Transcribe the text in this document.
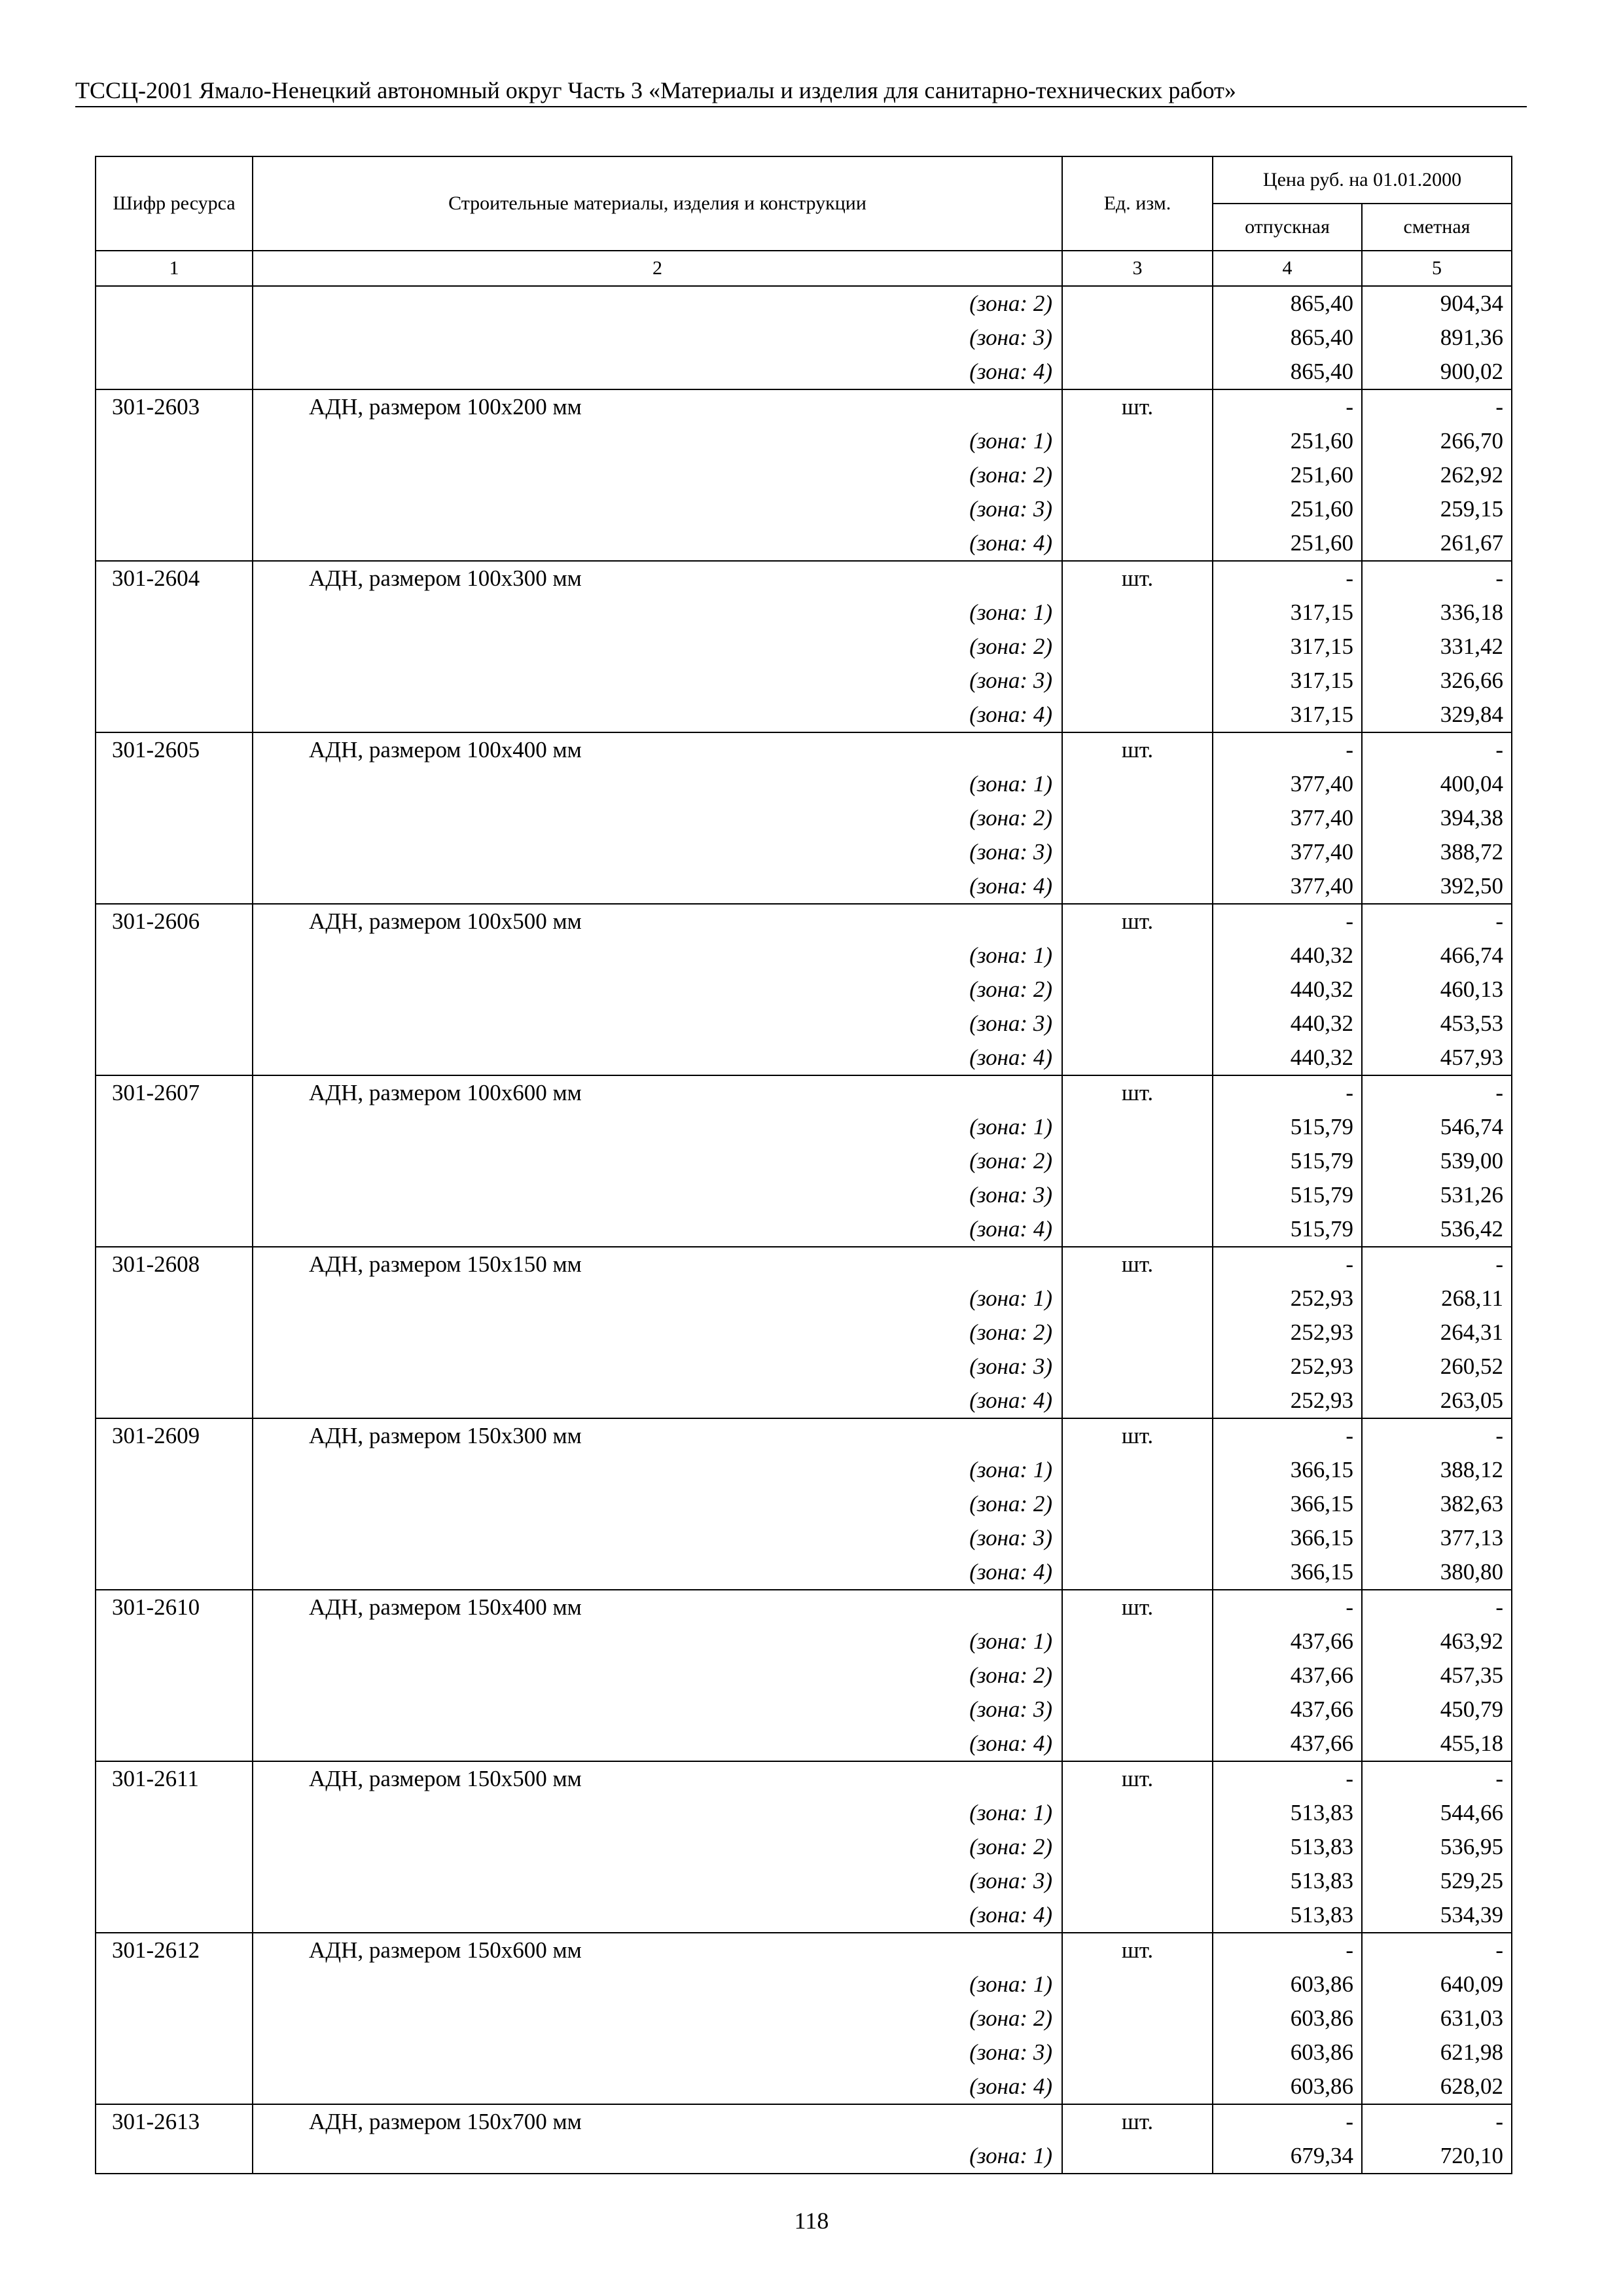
ТССЦ-2001 Ямало-Ненецкий автономный округ Часть 3 «Материалы и изделия для санитарно-технических работ»
Шифр ресурса	Строительные материалы, изделия и конструкции	Ед. изм.	Цена руб. на 01.01.2000	
			отпускная	сметная
1	2	3	4	5
	(зона: 2)		865,40	904,34
	(зона: 3)		865,40	891,36
	(зона: 4)		865,40	900,02
301-2603	АДН, размером 100х200 мм	шт.	-	-
	(зона: 1)		251,60	266,70
	(зона: 2)		251,60	262,92
	(зона: 3)		251,60	259,15
	(зона: 4)		251,60	261,67
301-2604	АДН, размером 100х300 мм	шт.	-	-
	(зона: 1)		317,15	336,18
	(зона: 2)		317,15	331,42
	(зона: 3)		317,15	326,66
	(зона: 4)		317,15	329,84
301-2605	АДН, размером 100х400 мм	шт.	-	-
	(зона: 1)		377,40	400,04
	(зона: 2)		377,40	394,38
	(зона: 3)		377,40	388,72
	(зона: 4)		377,40	392,50
301-2606	АДН, размером 100х500 мм	шт.	-	-
	(зона: 1)		440,32	466,74
	(зона: 2)		440,32	460,13
	(зона: 3)		440,32	453,53
	(зона: 4)		440,32	457,93
301-2607	АДН, размером 100х600 мм	шт.	-	-
	(зона: 1)		515,79	546,74
	(зона: 2)		515,79	539,00
	(зона: 3)		515,79	531,26
	(зона: 4)		515,79	536,42
301-2608	АДН, размером 150х150 мм	шт.	-	-
	(зона: 1)		252,93	268,11
	(зона: 2)		252,93	264,31
	(зона: 3)		252,93	260,52
	(зона: 4)		252,93	263,05
301-2609	АДН, размером 150х300 мм	шт.	-	-
	(зона: 1)		366,15	388,12
	(зона: 2)		366,15	382,63
	(зона: 3)		366,15	377,13
	(зона: 4)		366,15	380,80
301-2610	АДН, размером 150х400 мм	шт.	-	-
	(зона: 1)		437,66	463,92
	(зона: 2)		437,66	457,35
	(зона: 3)		437,66	450,79
	(зона: 4)		437,66	455,18
301-2611	АДН, размером 150х500 мм	шт.	-	-
	(зона: 1)		513,83	544,66
	(зона: 2)		513,83	536,95
	(зона: 3)		513,83	529,25
	(зона: 4)		513,83	534,39
301-2612	АДН, размером 150х600 мм	шт.	-	-
	(зона: 1)		603,86	640,09
	(зона: 2)		603,86	631,03
	(зона: 3)		603,86	621,98
	(зона: 4)		603,86	628,02
301-2613	АДН, размером 150х700 мм	шт.	-	-
	(зона: 1)		679,34	720,10
118
